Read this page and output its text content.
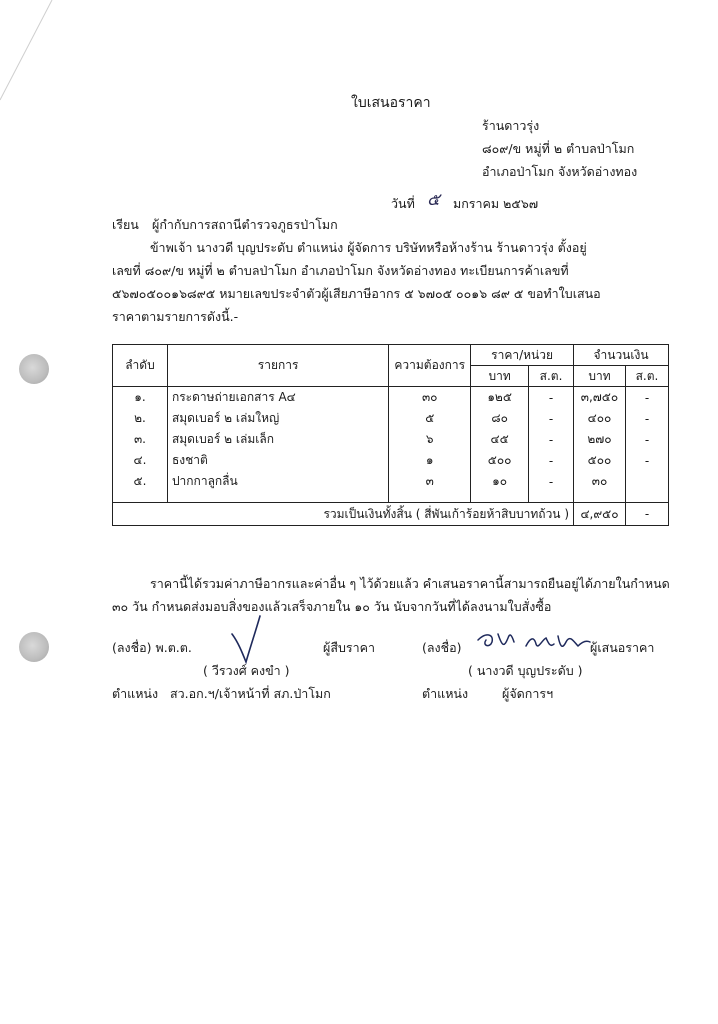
ใบเสนอราคา
ร้านดาวรุ่ง
๘๐๙/ข หมู่ที่ ๒ ตำบลป่าโมก
อำเภอป่าโมก จังหวัดอ่างทอง
วันที่ ๕ มกราคม ๒๕๖๗
เรียน ผู้กำกับการสถานีตำรวจภูธรป่าโมก
ข้าพเจ้า นางวดี บุญประดับ ตำแหน่ง ผู้จัดการ บริษัทหรือห้างร้าน ร้านดาวรุ่ง ตั้งอยู่
เลขที่ ๘๐๙/ข หมู่ที่ ๒ ตำบลป่าโมก อำเภอป่าโมก จังหวัดอ่างทอง ทะเบียนการค้าเลขที่
๕๖๗๐๕๐๐๑๖๘๙๕ หมายเลขประจำตัวผู้เสียภาษีอากร ๕ ๖๗๐๕ ๐๐๑๖ ๘๙ ๕ ขอทำใบเสนอ
ราคาตามรายการดังนี้.-
ลำดับ	รายการ	ความต้องการ	ราคา/หน่วย		จำนวนเงิน	
			บาท	ส.ต.	บาท	ส.ต.
๑.	กระดาษถ่ายเอกสาร A๔	๓๐	๑๒๕	-	๓,๗๕๐	-
๒.	สมุดเบอร์ ๒ เล่มใหญ่	๕	๘๐	-	๔๐๐	-
๓.	สมุดเบอร์ ๒ เล่มเล็ก	๖	๔๕	-	๒๗๐	-
๔.	ธงชาติ	๑	๕๐๐	-	๕๐๐	-
๕.	ปากกาลูกลื่น	๓	๑๐	-	๓๐	

รวมเป็นเงินทั้งสิ้น ( สี่พันเก้าร้อยห้าสิบบาทถ้วน )					๔,๙๕๐	-
ราคานี้ได้รวมค่าภาษีอากรและค่าอื่น ๆ ไว้ด้วยแล้ว คำเสนอราคานี้สามารถยืนอยู่ได้ภายในกำหนด
๓๐ วัน กำหนดส่งมอบสิ่งของแล้วเสร็จภายใน ๑๐ วัน นับจากวันที่ได้ลงนามใบสั่งซื้อ
(ลงชื่อ) พ.ต.ต.	ผู้สืบราคา
( วีรวงศ์ คงขำ )
ตำแหน่ง สว.อก.ฯ/เจ้าหน้าที่ สภ.ป่าโมก
(ลงชื่อ)	ผู้เสนอราคา
( นางวดี บุญประดับ )
ตำแหน่ง	ผู้จัดการฯ
